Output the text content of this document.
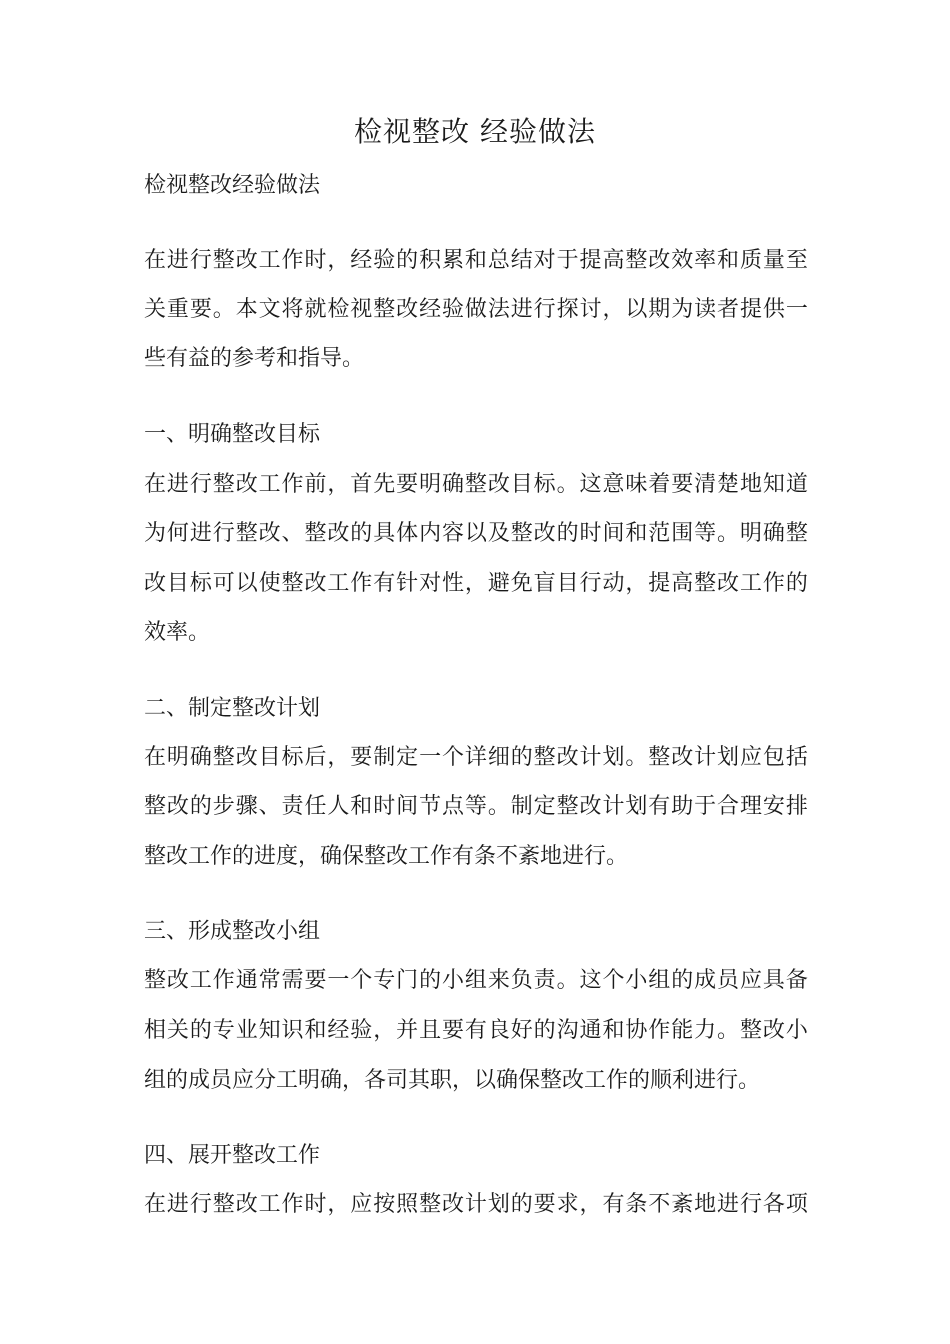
检视整改 经验做法

检视整改经验做法

在 进 行 整 改 工 作 时 ， 经 验 的 积 累 和 总 结 对 于 提 高 整 改 效 率 和 质 量 至

关 重 要 。 本 文 将 就 检 视 整 改 经 验 做 法 进 行 探 讨 ， 以 期 为 读 者 提 供 一

些有益的参考和指导。

一、明确整改目标

在 进 行 整 改 工 作 前 ， 首 先 要 明 确 整 改 目 标 。 这 意 味 着 要 清 楚 地 知 道

为 何 进 行 整 改 、 整 改 的 具 体 内 容 以 及 整 改 的 时 间 和 范 围 等 。 明 确 整

改 目 标 可 以 使 整 改 工 作 有 针 对 性 ， 避 免 盲 目 行 动 ， 提 高 整 改 工 作 的

效率。

二、制定整改计划

在 明 确 整 改 目 标 后 ， 要 制 定 一 个 详 细 的 整 改 计 划 。 整 改 计 划 应 包 括

整 改 的 步 骤 、 责 任 人 和 时 间 节 点 等 。 制 定 整 改 计 划 有 助 于 合 理 安 排

整改工作的进度，确保整改工作有条不紊地进行。

三、形成整改小组

整 改 工 作 通 常 需 要 一 个 专 门 的 小 组 来 负 责 。 这 个 小 组 的 成 员 应 具 备

相 关 的 专 业 知 识 和 经 验 ， 并 且 要 有 良 好 的 沟 通 和 协 作 能 力 。 整 改 小

组的成员应分工明确，各司其职，以确保整改工作的顺利进行。

四、展开整改工作

在 进 行 整 改 工 作 时 ， 应 按 照 整 改 计 划 的 要 求 ， 有 条 不 紊 地 进 行 各 项
